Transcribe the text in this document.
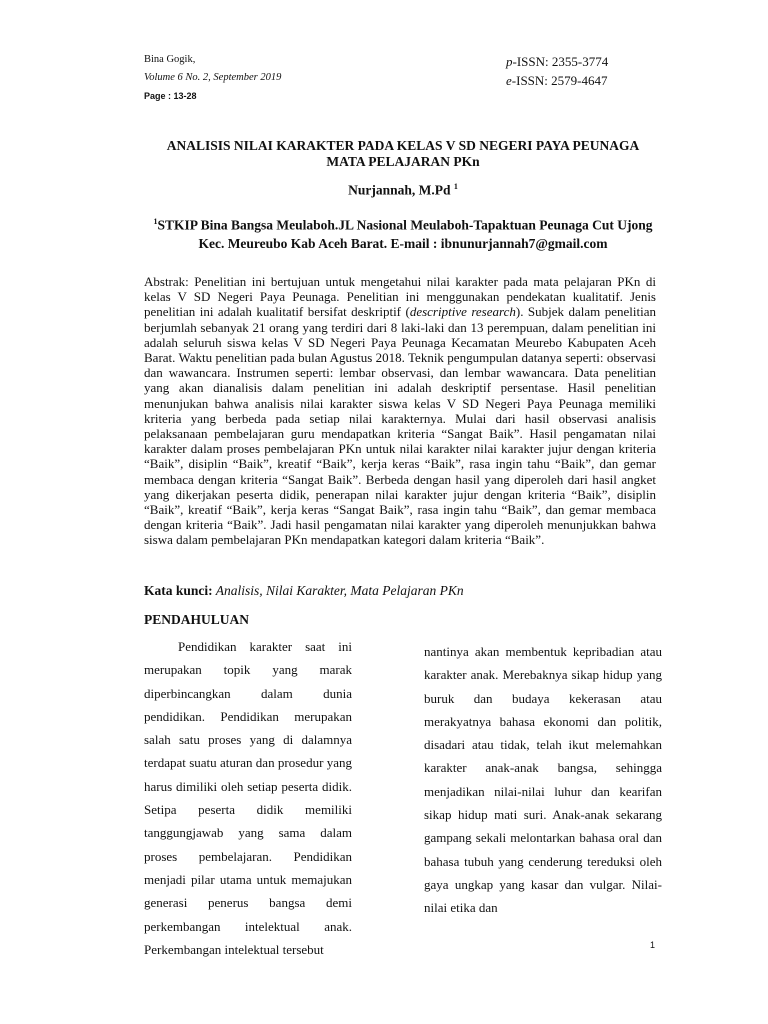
Bina Gogik,
Volume 6 No. 2, September 2019
Page : 13-28
p-ISSN: 2355-3774
e-ISSN: 2579-4647
ANALISIS NILAI KARAKTER PADA KELAS V SD NEGERI PAYA PEUNAGA
MATA PELAJARAN PKn
Nurjannah, M.Pd $^1$
$^1$STKIP Bina Bangsa Meulaboh.JL Nasional Meulaboh-Tapaktuan Peunaga Cut Ujong
Kec. Meureubo Kab Aceh Barat. E-mail : ibnunurjannah7@gmail.com
Abstrak: Penelitian ini bertujuan untuk mengetahui nilai karakter pada mata pelajaran PKn di kelas V SD Negeri Paya Peunaga. Penelitian ini menggunakan pendekatan kualitatif. Jenis penelitian ini adalah kualitatif bersifat deskriptif (descriptive research). Subjek dalam penelitian berjumlah sebanyak 21 orang yang terdiri dari 8 laki-laki dan 13 perempuan, dalam penelitian ini adalah seluruh siswa kelas V SD Negeri Paya Peunaga Kecamatan Meurebo Kabupaten Aceh Barat. Waktu penelitian pada bulan Agustus 2018. Teknik pengumpulan datanya seperti: observasi dan wawancara. Instrumen seperti: lembar observasi, dan lembar wawancara. Data penelitian yang akan dianalisis dalam penelitian ini adalah deskriptif persentase. Hasil penelitian menunjukan bahwa analisis nilai karakter siswa kelas V SD Negeri Paya Peunaga memiliki kriteria yang berbeda pada setiap nilai karakternya. Mulai dari hasil observasi analisis pelaksanaan pembelajaran guru mendapatkan kriteria “Sangat Baik”. Hasil pengamatan nilai karakter dalam proses pembelajaran PKn untuk nilai karakter nilai karakter jujur dengan kriteria “Baik”, disiplin “Baik”, kreatif “Baik”, kerja keras “Baik”, rasa ingin tahu “Baik”, dan gemar membaca dengan kriteria “Sangat Baik”. Berbeda dengan hasil yang diperoleh dari hasil angket yang dikerjakan peserta didik, penerapan nilai karakter jujur dengan kriteria “Baik”, disiplin “Baik”, kreatif “Baik”, kerja keras “Sangat Baik”, rasa ingin tahu “Baik”, dan gemar membaca dengan kriteria “Baik”. Jadi hasil pengamatan nilai karakter yang diperoleh menunjukkan bahwa siswa dalam pembelajaran PKn mendapatkan kategori dalam kriteria “Baik”.
Kata kunci: Analisis, Nilai Karakter, Mata Pelajaran PKn
PENDAHULUAN
Pendidikan karakter saat ini merupakan topik yang marak diperbincangkan dalam dunia pendidikan. Pendidikan merupakan salah satu proses yang di dalamnya terdapat suatu aturan dan prosedur yang harus dimiliki oleh setiap peserta didik. Setipa peserta didik memiliki tanggungjawab yang sama dalam proses pembelajaran. Pendidikan menjadi pilar utama untuk memajukan generasi penerus bangsa demi perkembangan intelektual anak. Perkembangan intelektual tersebut
nantinya akan membentuk kepribadian atau karakter anak. Merebaknya sikap hidup yang buruk dan budaya kekerasan atau merakyatnya bahasa ekonomi dan politik, disadari atau tidak, telah ikut melemahkan karakter anak-anak bangsa, sehingga menjadikan nilai-nilai luhur dan kearifan sikap hidup mati suri. Anak-anak sekarang gampang sekali melontarkan bahasa oral dan bahasa tubuh yang cenderung tereduksi oleh gaya ungkap yang kasar dan vulgar. Nilai-nilai etika dan
1
